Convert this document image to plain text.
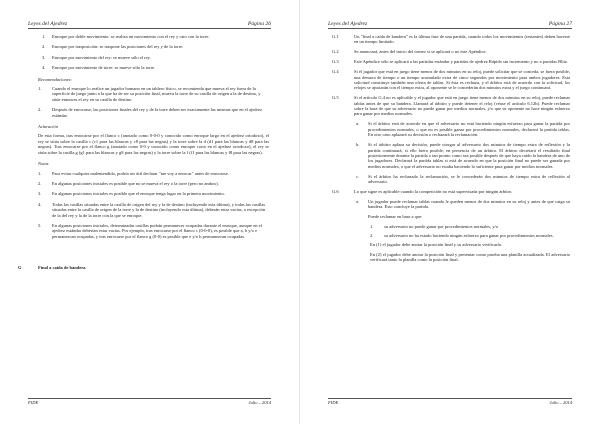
Leyes del Ajedrez	Página 26
1. Enroque por doble movimiento: se realiza un movimiento con el rey y otro con la torre.
2. Enroque por trasposición: se traspone las posiciones del rey y de la torre.
3. Enroque por movimiento del rey: se mueve sólo el rey.
4. Enroque por movimiento de torre: se mueve sólo la torre.
Recomendaciones:
1. Cuando el enroque lo realice un jugador humano en un tablero físico, se recomienda que mueva el rey fuera de la superficie de juego junto a la que ha de ser su posición final, mueva la torre de su casilla de origen a la de destino, y sitúe entonces el rey en su casilla de destino.
2. Después de enrocarse, las posiciones finales del rey y de la torre deben ser exactamente las mismas que en el ajedrez estándar.
Aclaración
De esta forma, tras enrocarse por el flanco c (anotado como 0-0-0 y conocido como enroque largo en el ajedrez ortodoxo), el rey se sitúa sobre la casilla c (c1 para las blancas y c8 para las negras) y la torre sobre la d (d1 para las blancas y d8 para las negras). Tras enrocarse por el flanco g (anotado como 0-0 y conocido como enroque corto en el ajedrez ortodoxo), el rey se sitúa sobre la casilla g (g1 para las blancas y g8 para las negras) y la torre sobre la f (f1 para las blancas y f8 para las negras).
Notas
1. Para evitar cualquier malentendido, podría ser útil declarar "me voy a enrocar" antes de enrocarse.
2. En algunas posiciones iniciales es posible que no se mueva el rey o la torre (pero no ambos).
3. En algunas posiciones iniciales es posible que el enroque tenga lugar en la primera movimiento.
4. Todas las casillas situadas entre la casilla de origen del rey y la de destino (incluyendo esta última), y todas las casillas situadas entre la casilla de origen de la torre y la de destino (incluyendo esta última), deberán estar vacías, a excepción de la del rey y la de la torre con la que se enroque.
5. En algunas posiciones iniciales, determinadas casillas podrán permanecer ocupadas durante el enroque, aunque en el ajedrez estándar deberían estar vacías. Por ejemplo, tras enrocarse por el flanco c (0-0-0), es posible que a, b y/o e permanezcan ocupadas, y tras enrocarse por el flanco g (0-0) es posible que e y/o h permanezcan ocupadas.
G	Final a caída de bandera
FIDE	Julio – 2014
Leyes del Ajedrez	Página 27
G.1	Un "final a caída de bandera" es la última fase de una partida, cuando todos los movimientos (restantes) deben hacerse en un tiempo limitado.
G.2	Se anunciará, antes del inicio del torneo si se aplicará o no este Apéndice.
G.3	Este Apéndice sólo se aplicará a las partidas estándar y partidas de ajedrez Rápido sin incremento y no a partidas Blitz.
G.4	Si el jugador que está en juego tiene menos de dos minutos en su reloj, puede solicitar que se conceda, se fuera posible, una demora de tiempo o un tiempo acumulado extra de cinco segundos por movimiento para ambos jugadores. Esta solicitud constituye también una oferta de tablas. Si ésta es rechaza, y el árbitro está de acuerdo con la solicitud, los relojes se ajustarán con el tiempo extra, al oponente se le concederán dos minutos extra y el juego continuará.
G.5	Si el artículo G.4 no es aplicable y el jugador que está en juego tiene menos de dos minutos en su reloj, puede reclamar tablas antes de que su bandera. Llamará al árbitro y puede detener el reloj (véase el artículo 6.12b). Puede reclamar sobre la base de que su adversario no puede ganar por medios normales, y/o que su oponente no hace ningún esfuerzo para ganar por medios normales.
a. Si el árbitro está de acuerdo en que el adversario no está haciendo ningún esfuerzo para ganar la partida por procedimientos normales, o que no es posible ganar por procedimientos normales, declarará la partida tablas. En otro caso aplazará su decisión o rechazará la reclamación.
b. Si el árbitro aplaza su decisión, puede otorgar al adversario dos minutos de tiempo extra de reflexión y la partida continuará, si ello fuera posible, en presencia de un árbitro. El árbitro decretará el resultado final posteriormente durante la partida o tan pronto como sea posible después de que haya caído la bandera de uno de los jugadores. Declarará la partida tablas si está de acuerdo en que la posición final no puede ser ganada por medios normales, o que el adversario no estaba haciendo lo suficiente para ganar por medios normales.
c. Si el árbitro ha rechazado la reclamación, se le concederán dos minutos de tiempo extra de reflexión al adversario.
G.6	Lo que sigue es aplicable cuando la competición no está supervisada por ningún árbitro.
a. Un jugador puede reclamar tablas cuando le queden menos de dos minutos en su reloj y antes de que caiga su bandera. Esto concluye la partida.
Puede reclamar en base a que:
1. su adversario no puede ganar por procedimientos normales, y/o
2. su adversario no ha estado haciendo ningún esfuerzo para ganar por procedimientos normales.
En (1) el jugador debe anotar la posición final y su adversario verificarla.
En (2) el jugador debe anotar la posición final y presentar como prueba una planilla actualizada. El adversario verificará tanto la planilla como la posición final.
FIDE	Julio – 2014
